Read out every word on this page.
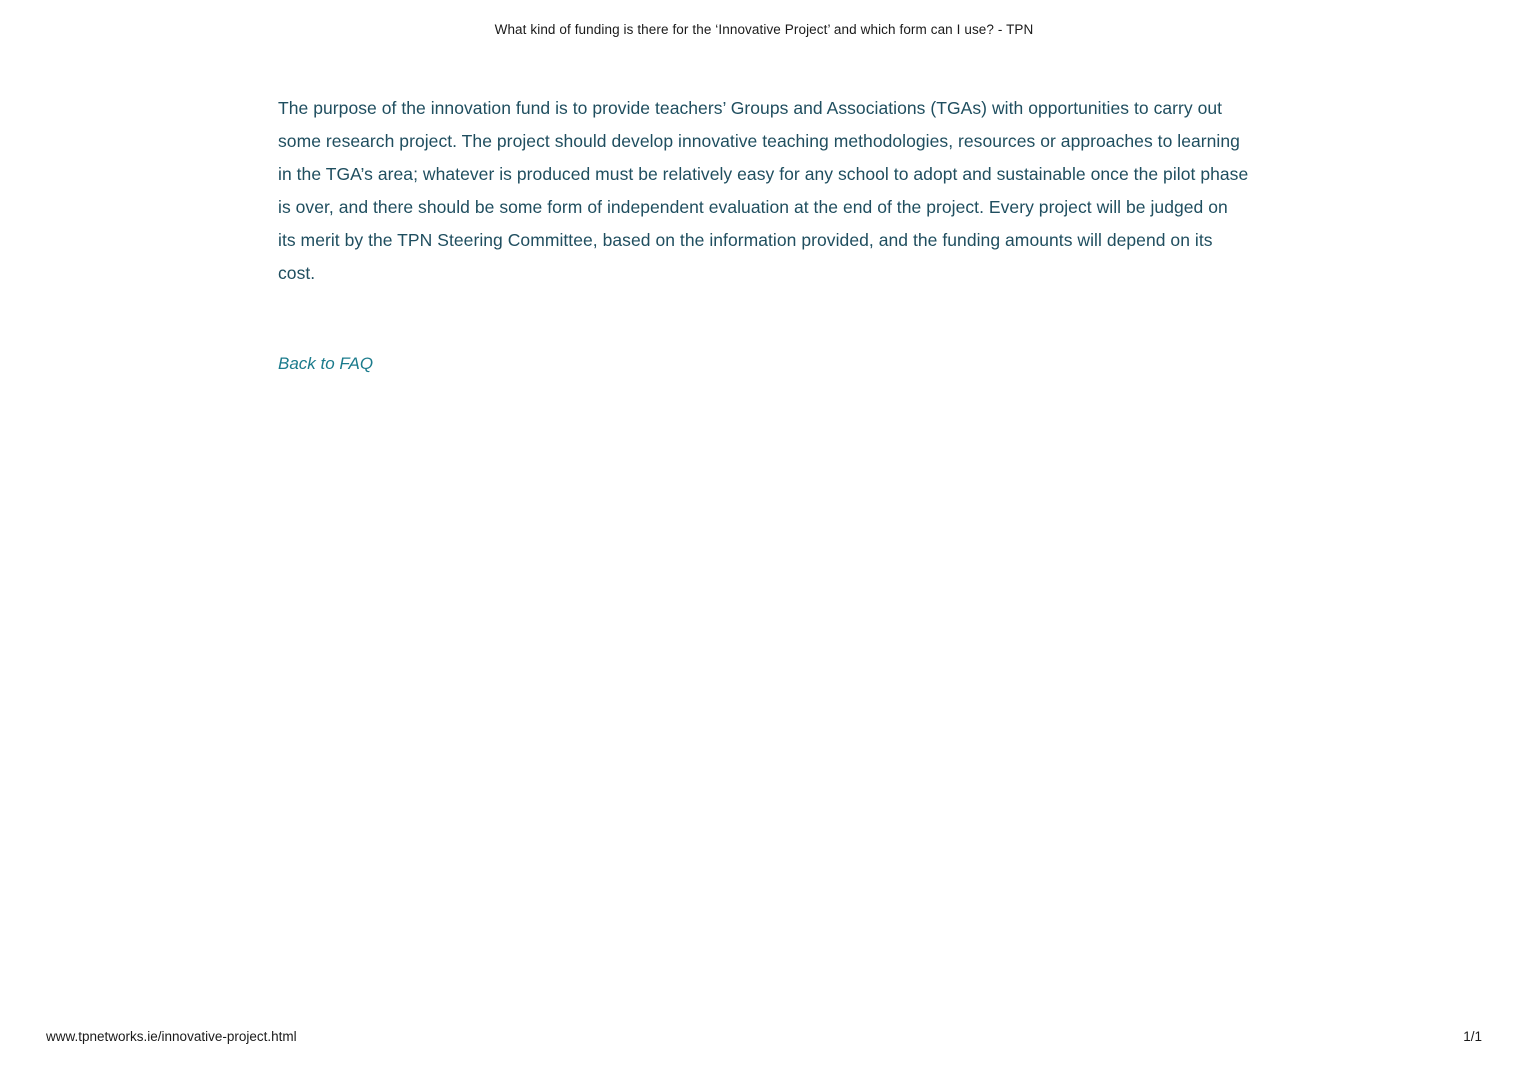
What kind of funding is there for the ‘Innovative Project’ and which form can I use? - TPN

The purpose of the innovation fund is to provide teachers’ Groups and Associations (TGAs) with opportunities to carry out some research project. The project should develop innovative teaching methodologies, resources or approaches to learning in the TGA’s area; whatever is produced must be relatively easy for any school to adopt and sustainable once the pilot phase is over, and there should be some form of independent evaluation at the end of the project. Every project will be judged on its merit by the TPN Steering Committee, based on the information provided, and the funding amounts will depend on its cost.

Back to FAQ
www.tpnetworks.ie/innovative-project.html	1/1
